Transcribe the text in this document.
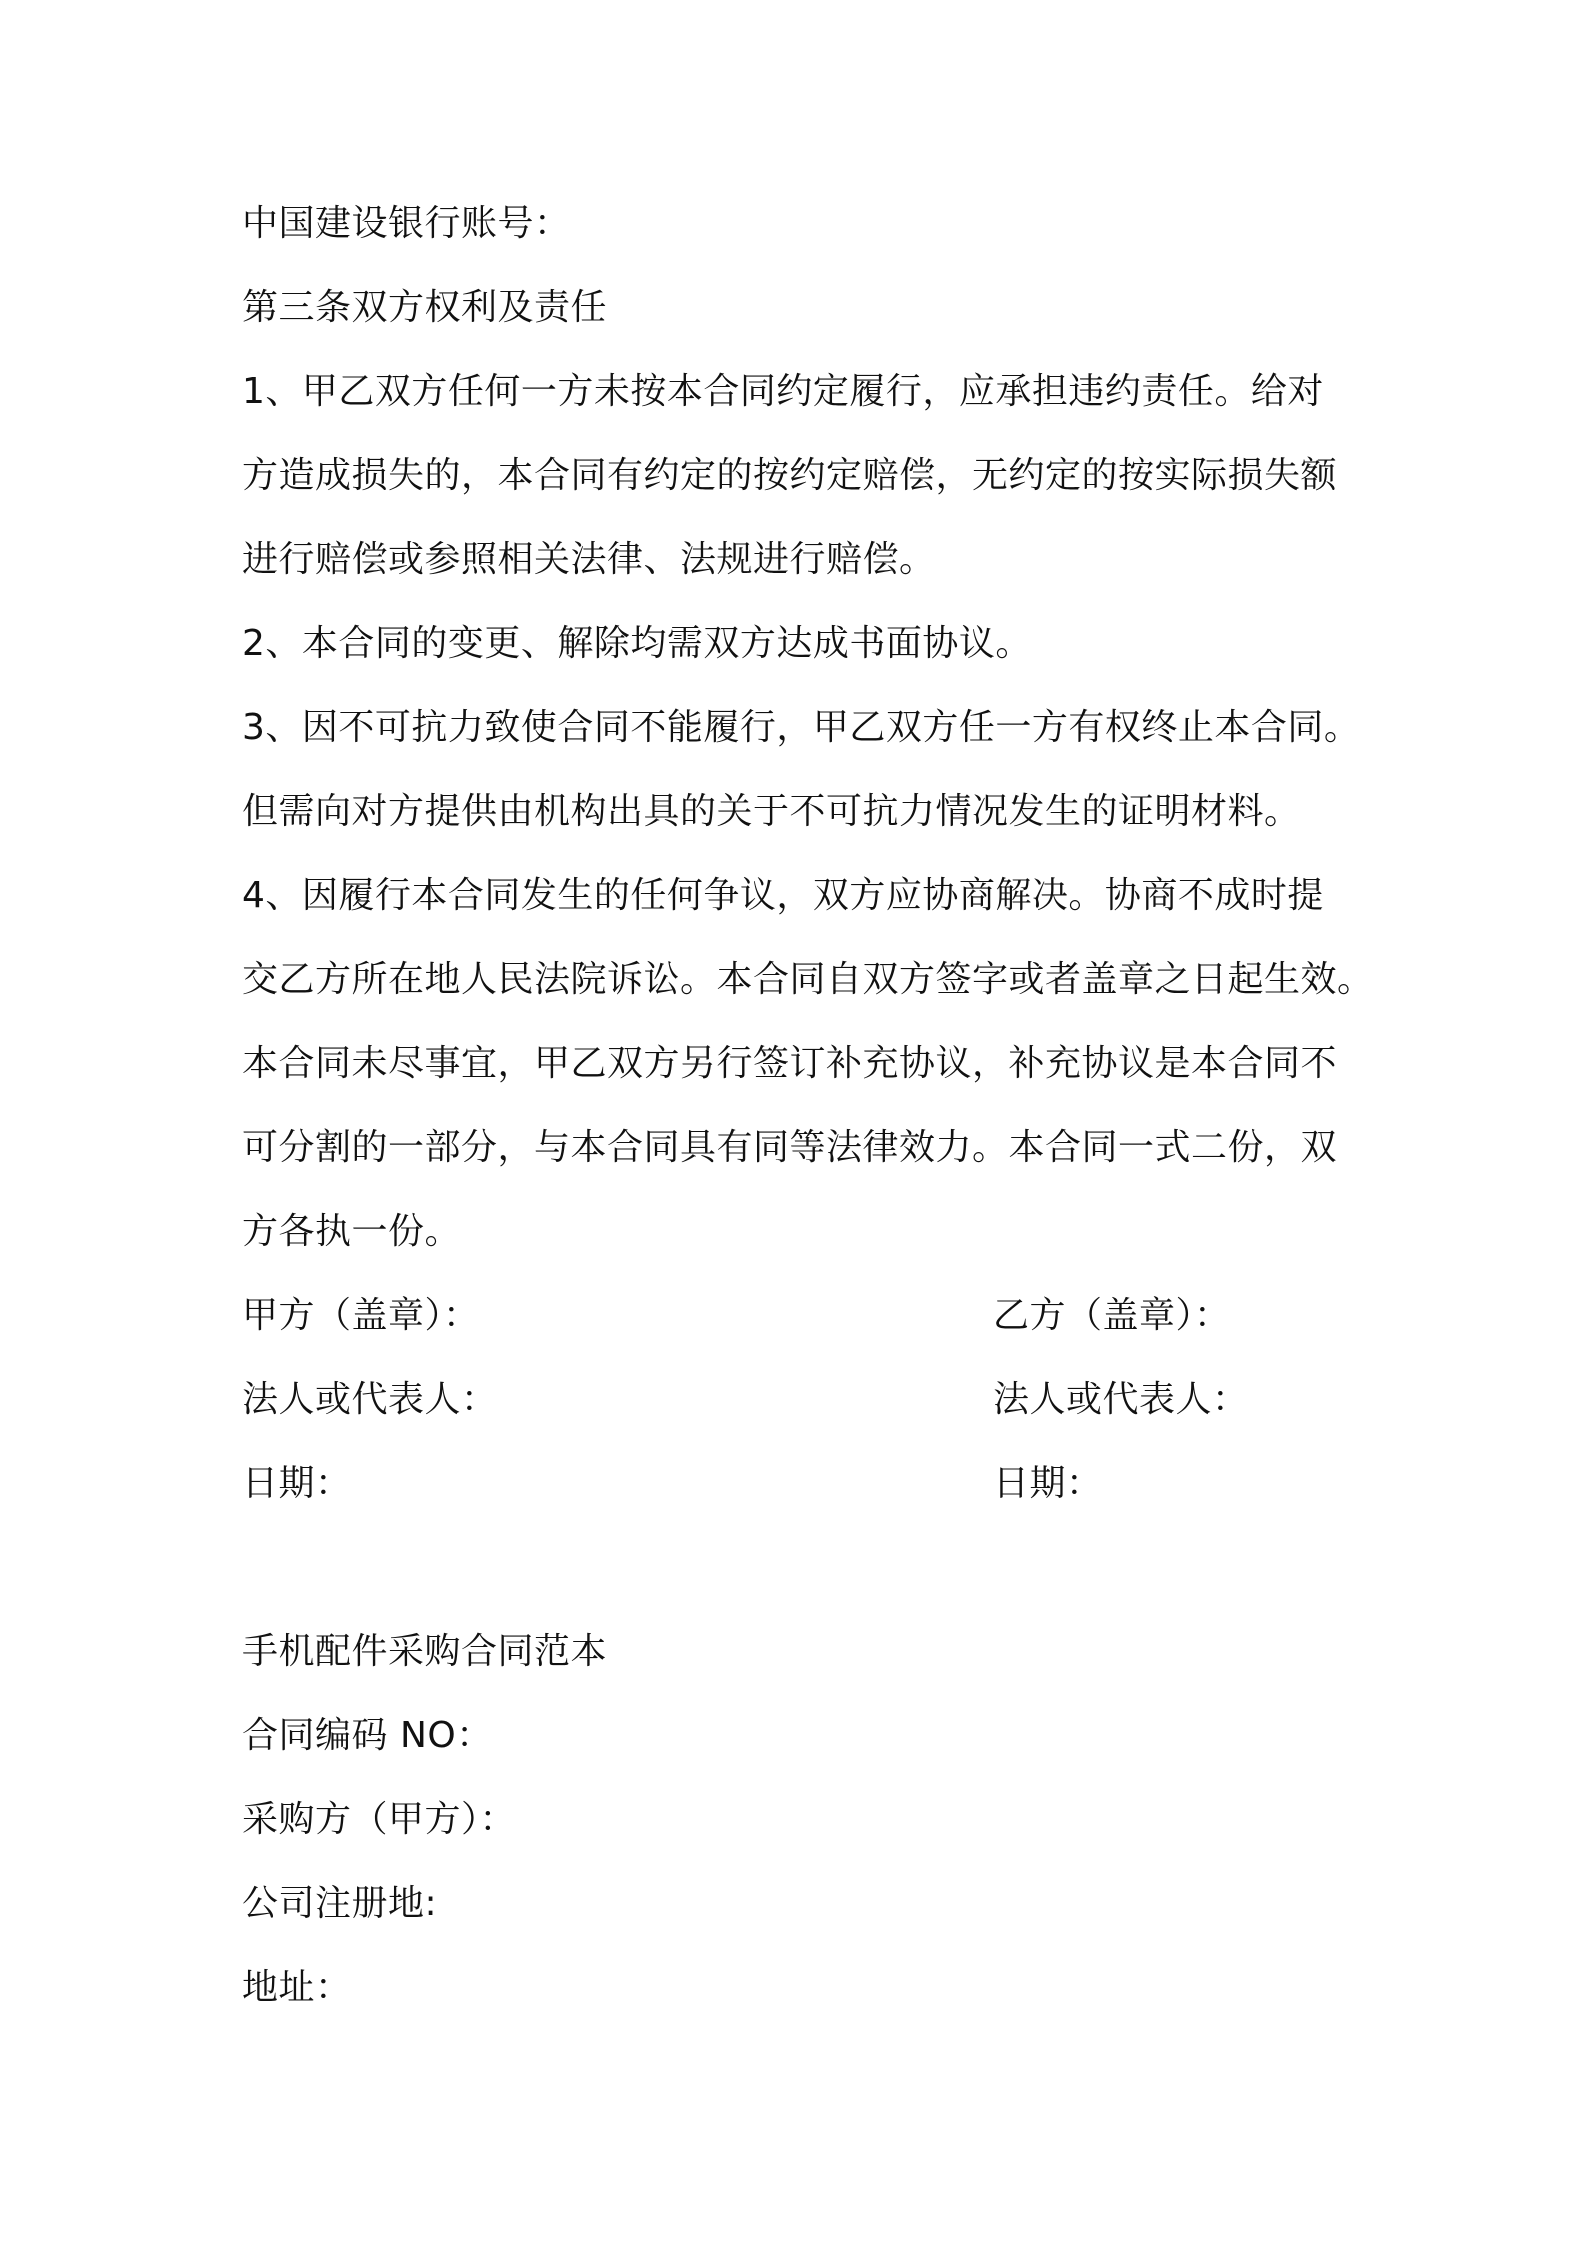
中国建设银行账号：
第三条双方权利及责任
1、甲乙双方任何一方未按本合同约定履行，应承担违约责任。给对
方造成损失的，本合同有约定的按约定赔偿，无约定的按实际损失额
进行赔偿或参照相关法律、法规进行赔偿。
2、本合同的变更、解除均需双方达成书面协议。
3、因不可抗力致使合同不能履行，甲乙双方任一方有权终止本合同。
但需向对方提供由机构出具的关于不可抗力情况发生的证明材料。
4、因履行本合同发生的任何争议，双方应协商解决。协商不成时提
交乙方所在地人民法院诉讼。本合同自双方签字或者盖章之日起生效。
本合同未尽事宜，甲乙双方另行签订补充协议，补充协议是本合同不
可分割的一部分，与本合同具有同等法律效力。本合同一式二份，双
方各执一份。
甲方（盖章）：	乙方（盖章）：
法人或代表人：	法人或代表人：
日期：	日期：
手机配件采购合同范本
合同编码 NO：
采购方（甲方）：
公司注册地:
地址：
